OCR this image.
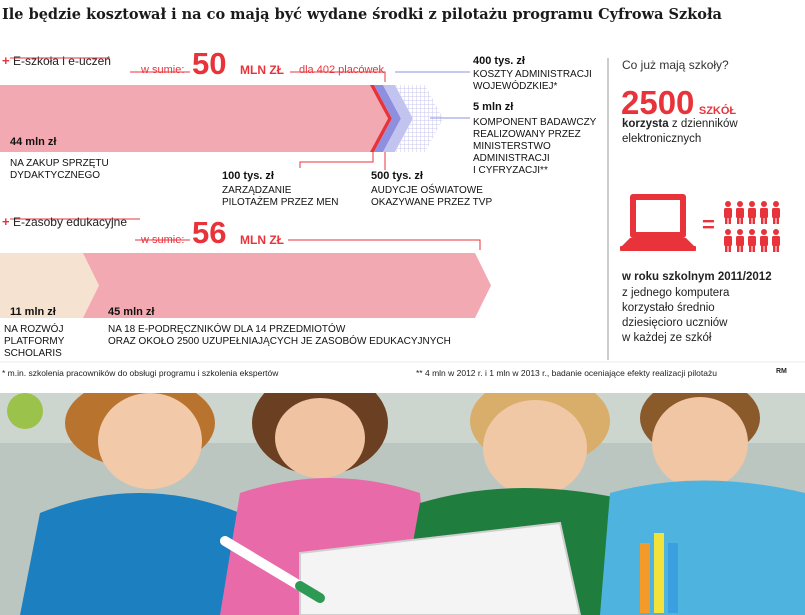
Ile będzie kosztował i na co mają być wydane środki z pilotażu programu Cyfrowa Szkoła
+ E-szkoła i e-uczeń
w sumie: 50 MLN ZŁ dla 402 placówek
44 mln zł
NA ZAKUP SPRZĘTU
DYDAKTYCZNEGO	100 tys. zł
ZARZĄDZANIE
PILOTAŻEM PRZEZ MEN
400 tys. zł
KOSZTY ADMINISTRACJI
WOJEWÓDZKIEJ*
500 tys. zł
AUDYCJE OŚWIATOWE
OKAZYWANE PRZEZ TVP
5 mln zł
KOMPONENT BADAWCZY
REALIZOWANY PRZEZ
MINISTERSTWO
ADMINISTRACJI
I CYFRYZACJI**
+ E-zasoby edukacyjne
w sumie: 56 MLN ZŁ
11 mln zł
NA ROZWÓJ
PLATFORMY
SCHOLARIS
45 mln zł
NA 18 E-PODRĘCZNIKÓW DLA 14 PRZEDMIOTÓW
ORAZ OKOŁO 2500 UZUPEŁNIAJĄCYCH JE ZASOBÓW EDUKACYJNYCH
Co już mają szkoły?
2500 SZKÓŁ
korzysta z dzienników
elektronicznych
=
w roku szkolnym 2011/2012
z jednego komputera
korzystało średnio
dziesięcioro uczniów
w każdej ze szkół
* m.in. szkolenia pracowników do obsługi programu i szkolenia ekspertów	** 4 mln w 2012 r. i 1 mln w 2013 r., badanie oceniające efekty realizacji pilotażu	RM
